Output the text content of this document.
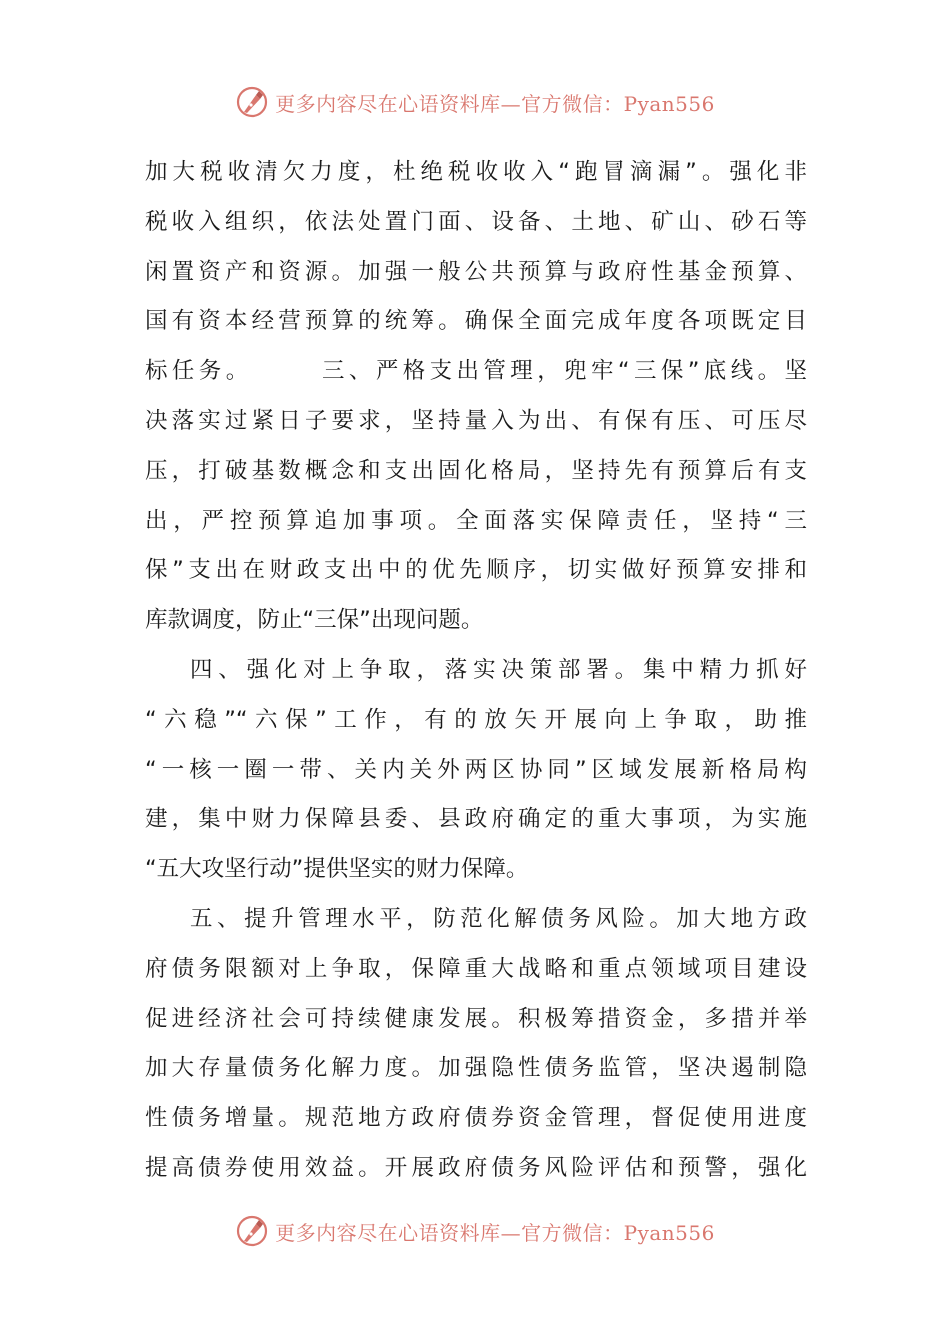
更多内容尽在心语资料库—官方微信：Pyan556
加大税收清欠力度，杜绝税收收入“跑冒滴漏”。强化非
税收入组织，依法处置门面、设备、土地、矿山、砂石等
闲置资产和资源。加强一般公共预算与政府性基金预算、
国有资本经营预算的统筹。确保全面完成年度各项既定目
标任务。　　　三、严格支出管理，兜牢“三保”底线。坚
决落实过紧日子要求，坚持量入为出、有保有压、可压尽
压，打破基数概念和支出固化格局，坚持先有预算后有支
出，严控预算追加事项。全面落实保障责任，坚持“三
保”支出在财政支出中的优先顺序，切实做好预算安排和
库款调度，防止“三保”出现问题。
四、强化对上争取，落实决策部署。集中精力抓好
“六稳”“六保”工作，有的放矢开展向上争取，助推
“一核一圈一带、关内关外两区协同”区域发展新格局构
建，集中财力保障县委、县政府确定的重大事项，为实施
“五大攻坚行动”提供坚实的财力保障。
五、提升管理水平，防范化解债务风险。加大地方政
府债务限额对上争取，保障重大战略和重点领域项目建设
促进经济社会可持续健康发展。积极筹措资金，多措并举
加大存量债务化解力度。加强隐性债务监管，坚决遏制隐
性债务增量。规范地方政府债券资金管理，督促使用进度
提高债券使用效益。开展政府债务风险评估和预警，强化
更多内容尽在心语资料库—官方微信：Pyan556
